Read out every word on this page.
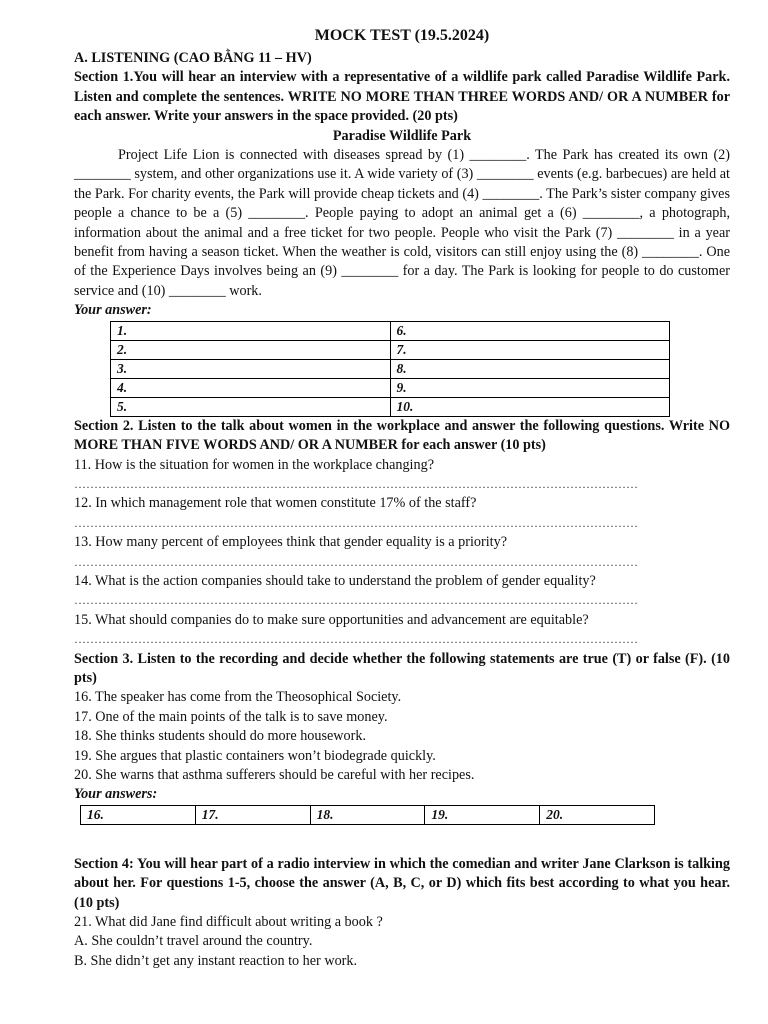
MOCK TEST (19.5.2024)

A. LISTENING (CAO BẰNG 11 – HV)

Section 1.You will hear an interview with a representative of a wildlife park called Paradise Wildlife Park. Listen and complete the sentences. WRITE NO MORE THAN THREE WORDS AND/ OR A NUMBER for each answer. Write your answers in the space provided. (20 pts)

Paradise Wildlife Park

Project Life Lion is connected with diseases spread by (1) ________. The Park has created its own (2) ________ system, and other organizations use it. A wide variety of (3) ________ events (e.g. barbecues) are held at the Park. For charity events, the Park will provide cheap tickets and (4) ________. The Park’s sister company gives people a chance to be a (5) ________. People paying to adopt an animal get a (6) ________, a photograph, information about the animal and a free ticket for two people. People who visit the Park (7) ________ in a year benefit from having a season ticket. When the weather is cold, visitors can still enjoy using the (8) ________. One of the Experience Days involves being an (9) ________ for a day. The Park is looking for people to do customer service and (10) ________ work.

Your answer:

1.	6.
2.	7.
3.	8.
4.	9.
5.	10.

Section 2. Listen to the talk about women in the workplace and answer the following questions. Write NO MORE THAN FIVE WORDS AND/ OR A NUMBER for each answer (10 pts)

11. How is the situation for women in the workplace changing?

……………………………………………………………………………………………………………………………

12. In which management role that women constitute 17% of the staff?

……………………………………………………………………………………………………………………………

13. How many percent of employees think that gender equality is a priority?

……………………………………………………………………………………………………………………………

14. What is the action companies should take to understand the problem of gender equality?

……………………………………………………………………………………………………………………………

15. What should companies do to make sure opportunities and advancement are equitable?

……………………………………………………………………………………………………………………………

Section 3. Listen to the recording and decide whether the following statements are true (T) or false (F). (10 pts)

16. The speaker has come from the Theosophical Society.

17. One of the main points of the talk is to save money.

18. She thinks students should do more housework.

19. She argues that plastic containers won’t biodegrade quickly.

20. She warns that asthma sufferers should be careful with her recipes.

Your answers:

16.	17.	18.	19.	20.

Section 4: You will hear part of a radio interview in which the comedian and writer Jane Clarkson is talking about her. For questions 1-5, choose the answer (A, B, C, or D) which fits best according to what you hear. (10 pts)

21. What did Jane find difficult about writing a book ?

A. She couldn’t travel around the country.

B. She didn’t get any instant reaction to her work.
